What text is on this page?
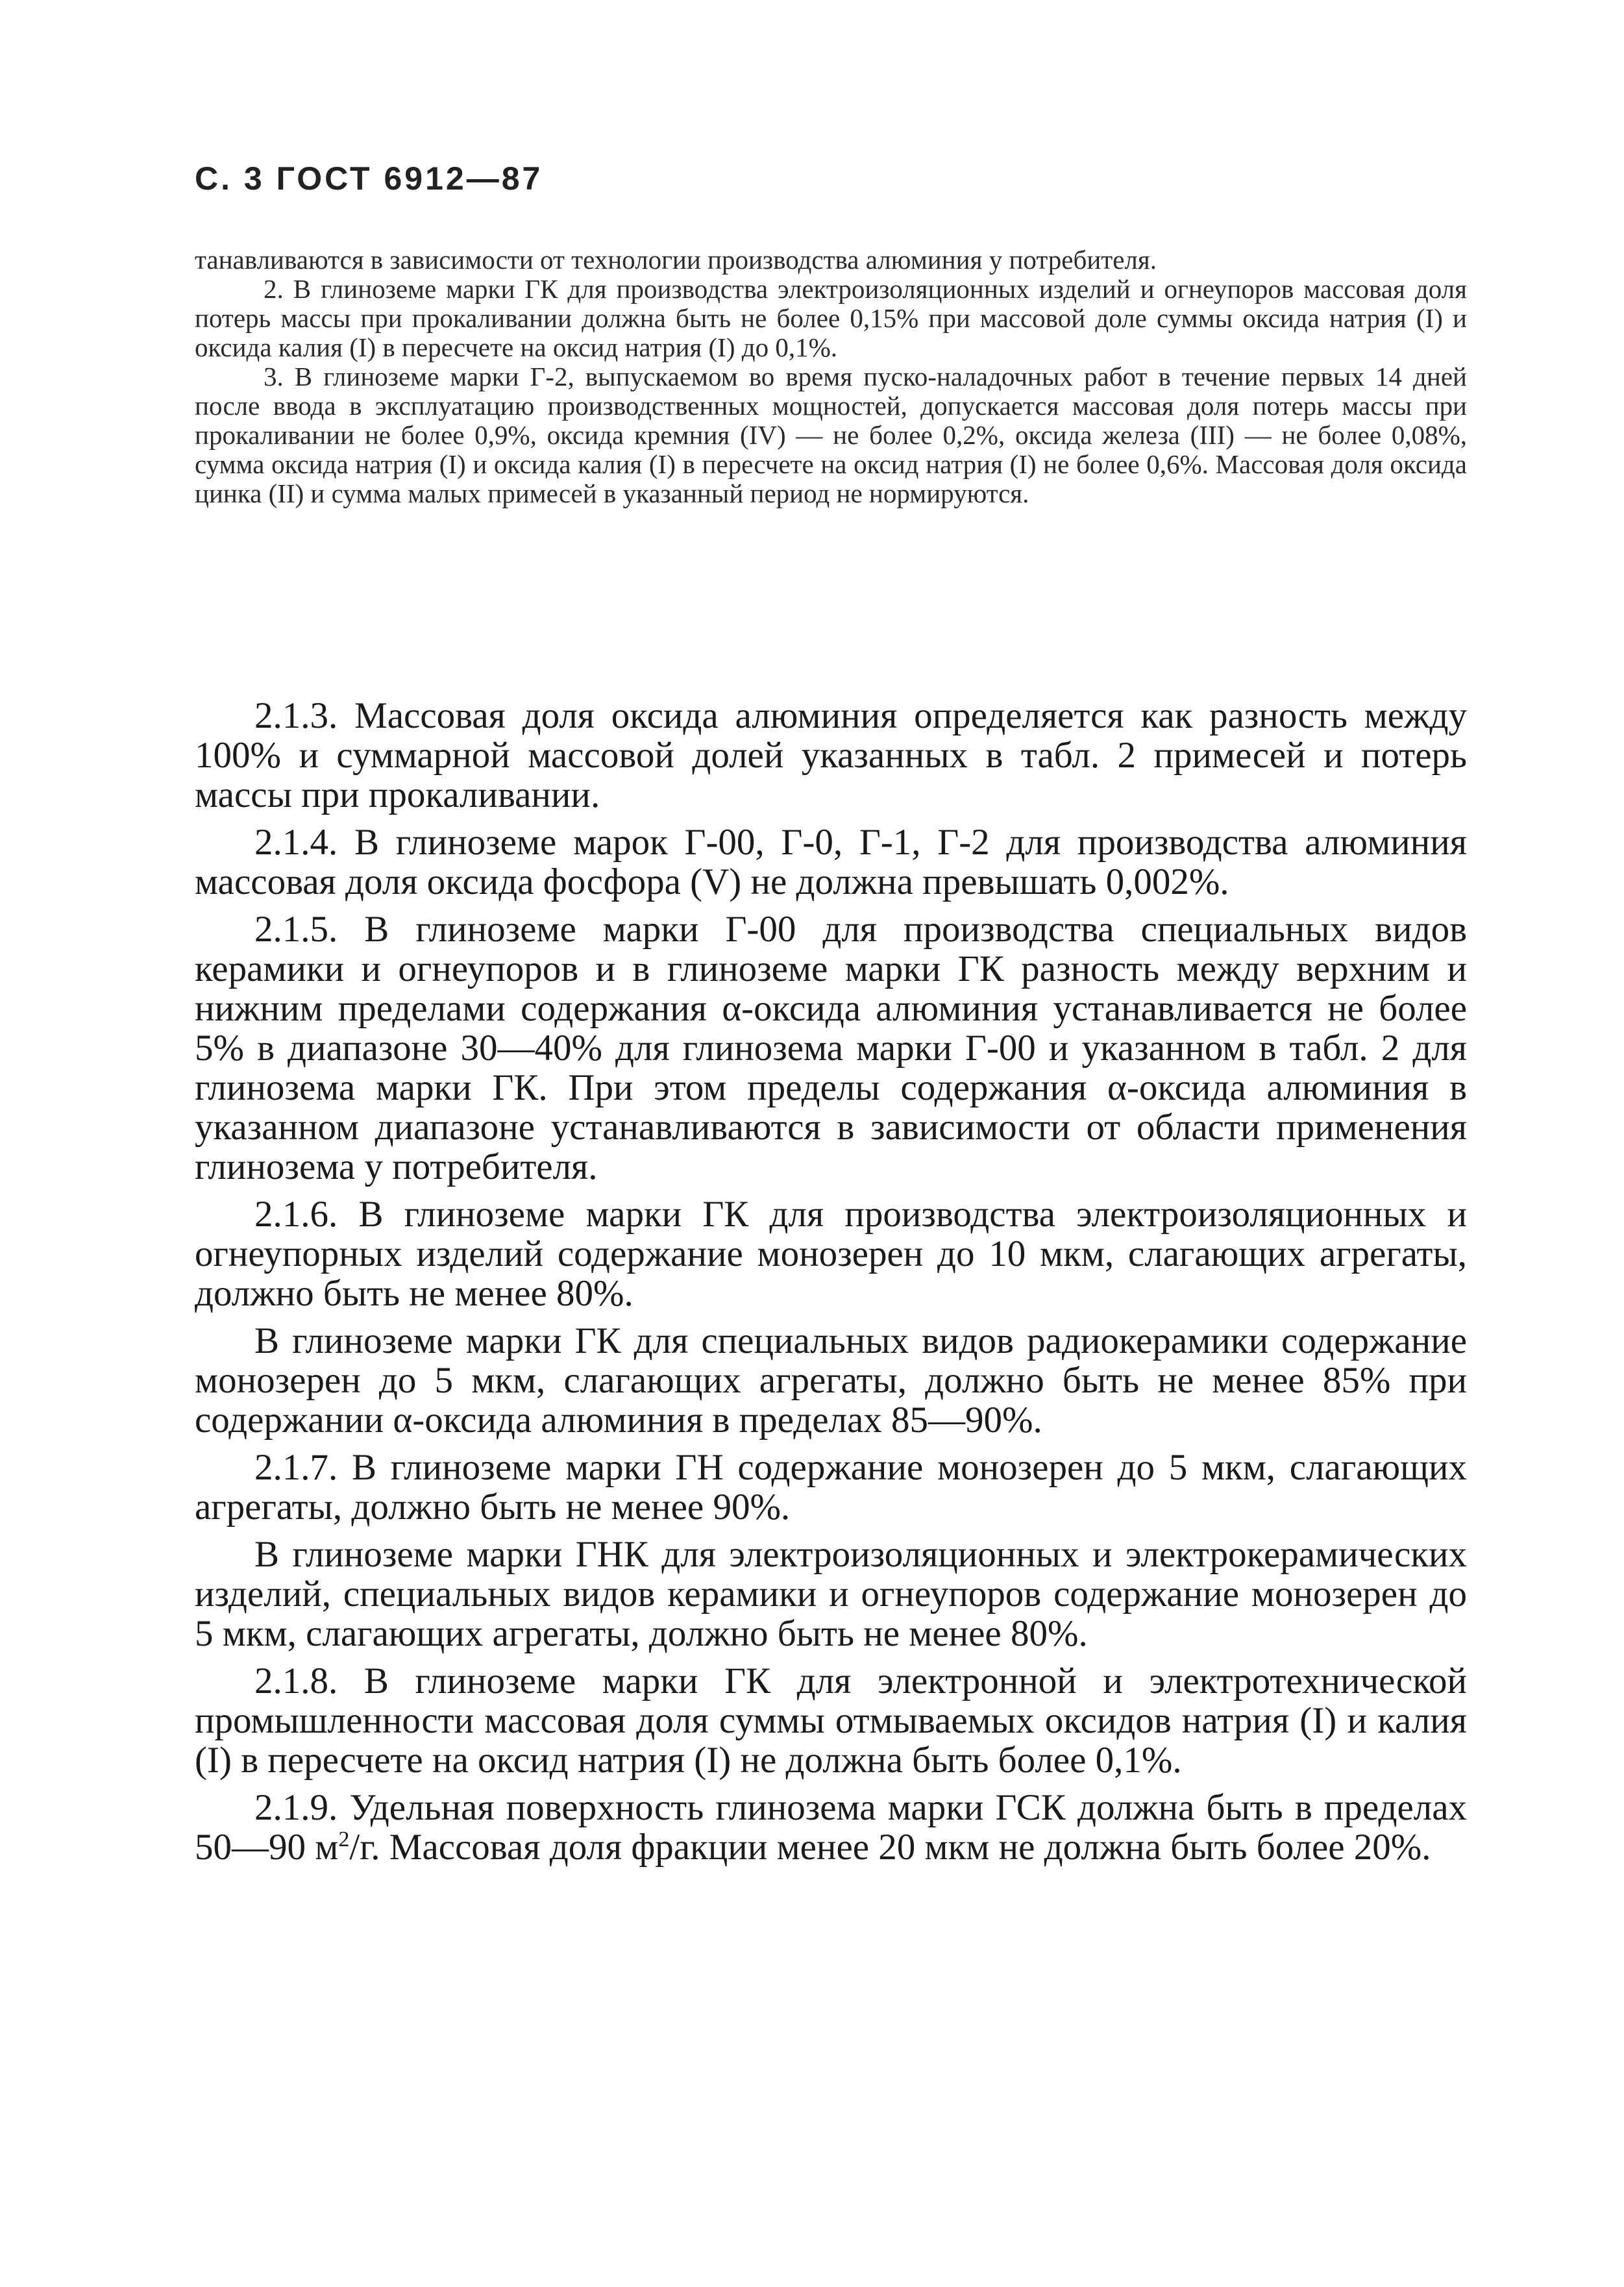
С. 3 ГОСТ 6912—87

танавливаются в зависимости от технологии производства алюминия у потребителя.

2. В глиноземе марки ГК для производства электроизоляционных изделий и огнеупоров массовая доля потерь массы при прокаливании должна быть не более 0,15% при массовой доле суммы оксида натрия (I) и оксида калия (I) в пересчете на оксид натрия (I) до 0,1%.

3. В глиноземе марки Г-2, выпускаемом во время пуско-наладочных работ в течение первых 14 дней после ввода в эксплуатацию производственных мощностей, допускается массовая доля потерь массы при прокаливании не более 0,9%, оксида кремния (IV) — не более 0,2%, оксида железа (III) — не более 0,08%, сумма оксида натрия (I) и оксида калия (I) в пересчете на оксид натрия (I) не более 0,6%. Массовая доля оксида цинка (II) и сумма малых примесей в указанный период не нормируются.

2.1.3. Массовая доля оксида алюминия определяется как разность между 100% и суммарной массовой долей указанных в табл. 2 примесей и потерь массы при прокаливании.

2.1.4. В глиноземе марок Г-00, Г-0, Г-1, Г-2 для производства алюминия массовая доля оксида фосфора (V) не должна превышать 0,002%.

2.1.5. В глиноземе марки Г-00 для производства специальных видов керамики и огнеупоров и в глиноземе марки ГК разность между верхним и нижним пределами содержания α-оксида алюминия устанавливается не более 5% в диапазоне 30—40% для глинозема марки Г-00 и указанном в табл. 2 для глинозема марки ГК. При этом пределы содержания α-оксида алюминия в указанном диапазоне устанавливаются в зависимости от области применения глинозема у потребителя.

2.1.6. В глиноземе марки ГК для производства электроизоляционных и огнеупорных изделий содержание монозерен до 10 мкм, слагающих агрегаты, должно быть не менее 80%.

В глиноземе марки ГК для специальных видов радиокерамики содержание монозерен до 5 мкм, слагающих агрегаты, должно быть не менее 85% при содержании α-оксида алюминия в пределах 85—90%.

2.1.7. В глиноземе марки ГН содержание монозерен до 5 мкм, слагающих агрегаты, должно быть не менее 90%.

В глиноземе марки ГНК для электроизоляционных и электрокерамических изделий, специальных видов керамики и огнеупоров содержание монозерен до 5 мкм, слагающих агрегаты, должно быть не менее 80%.

2.1.8. В глиноземе марки ГК для электронной и электротехнической промышленности массовая доля суммы отмываемых оксидов натрия (I) и калия (I) в пересчете на оксид натрия (I) не должна быть более 0,1%.

2.1.9. Удельная поверхность глинозема марки ГСК должна быть в пределах 50—90 $м^2/г$. Массовая доля фракции менее 20 мкм не должна быть более 20%.
